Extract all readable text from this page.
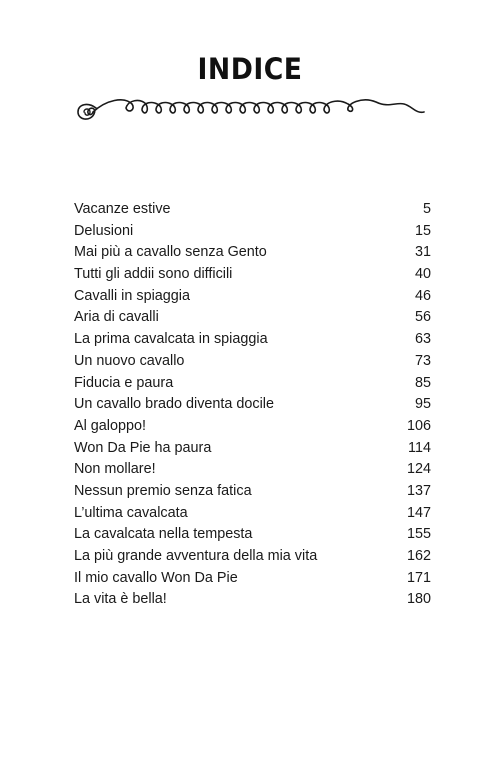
INDICE
Vacanze estive	5
Delusioni	15
Mai più a cavallo senza Gento	31
Tutti gli addii sono difficili	40
Cavalli in spiaggia	46
Aria di cavalli	56
La prima cavalcata in spiaggia	63
Un nuovo cavallo	73
Fiducia e paura	85
Un cavallo brado diventa docile	95
Al galoppo!	106
Won Da Pie ha paura	114
Non mollare!	124
Nessun premio senza fatica	137
L’ultima cavalcata	147
La cavalcata nella tempesta	155
La più grande avventura della mia vita	162
Il mio cavallo Won Da Pie	171
La vita è bella!	180
